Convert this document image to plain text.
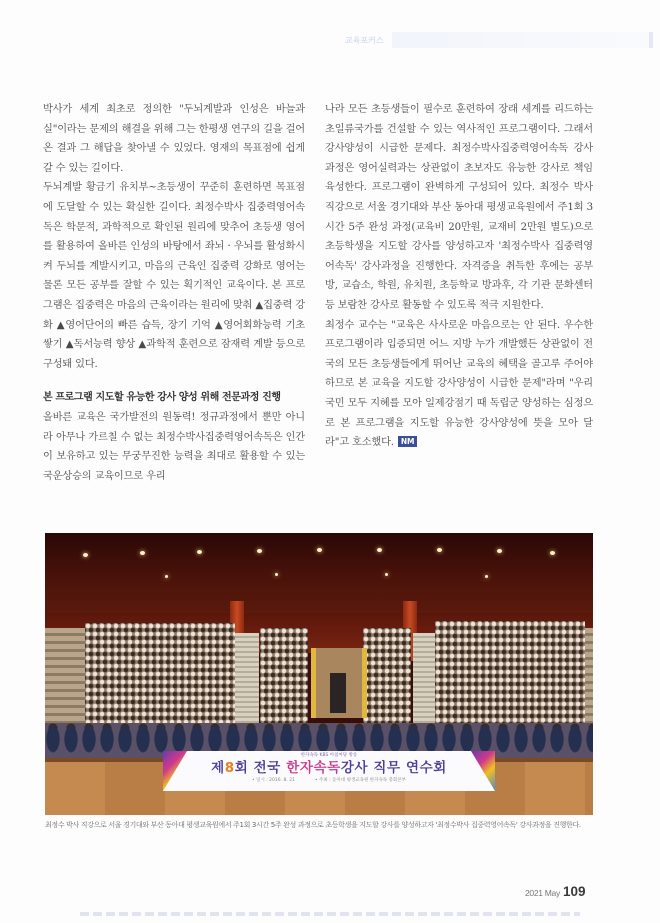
교육포커스

박사가 세계 최초로 정의한 "두뇌계발과 인성은 바늘과 실"이라는 문제의 해결을 위해 그는 한평생 연구의 길을 걸어온 결과 그 해답을 찾아낼 수 있었다. 영재의 목표점에 쉽게 갈 수 있는 길이다.

두뇌계발 황금기 유치부~초등생이 꾸준히 훈련하면 목표점에 도달할 수 있는 확실한 길이다. 최정수박사 집중력영어속독은 학문적, 과학적으로 확인된 원리에 맞추어 초등생 영어를 활용하여 올바른 인성의 바탕에서 좌뇌 · 우뇌를 활성화시켜 두뇌를 계발시키고, 마음의 근육인 집중력 강화로 영어는 물론 모든 공부를 잘할 수 있는 획기적인 교육이다. 본 프로그램은 집중력은 마음의 근육이라는 원리에 맞춰 ▲집중력 강화 ▲영어단어의 빠른 습득, 장기 기억 ▲영어회화능력 기초 쌓기 ▲독서능력 향상 ▲과학적 훈련으로 잠재력 계발 등으로 구성돼 있다.

본 프로그램 지도할 유능한 강사 양성 위해 전문과정 진행

올바른 교육은 국가발전의 원동력! 정규과정에서 뿐만 아니라 아무나 가르칠 수 없는 최정수박사집중력영어속독은 인간이 보유하고 있는 무궁무진한 능력을 최대로 활용할 수 있는 국운상승의 교육이므로 우리

나라 모든 초등생들이 필수로 훈련하여 장래 세계를 리드하는 초일류국가를 건설할 수 있는 역사적인 프로그램이다. 그래서 강사양성이 시급한 문제다. 최정수박사집중력영어속독 강사 과정은 영어실력과는 상관없이 초보자도 유능한 강사로 책임 육성한다. 프로그램이 완벽하게 구성되어 있다. 최정수 박사 직강으로 서울 경기대와 부산 동아대 평생교육원에서 주1회 3시간 5주 완성 과정(교육비 20만원, 교재비 2만원 별도)으로 초등학생을 지도할 강사를 양성하고자 '최정수박사 집중력영어속독' 강사과정을 진행한다. 자격증을 취득한 후에는 공부방, 교습소, 학원, 유치원, 초등학교 방과후, 각 기관 문화센터 등 보람찬 강사로 활동할 수 있도록 적극 지원한다.

최정수 교수는 "교육은 사사로운 마음으로는 안 된다. 우수한 프로그램이라 입증되면 어느 지방 누가 개발했든 상관없이 전국의 모든 초등생들에게 뛰어난 교육의 혜택을 골고루 주어야 하므로 본 교육을 지도할 강사양성이 시급한 문제"라며 "우리 국민 모두 지혜를 모아 일제강점기 때 독립군 양성하는 심정으로 본 프로그램을 지도할 유능한 강사양성에 뜻을 모아 달라"고 호소했다. NM

한자속독 KBS 아침마당 방송
제8회 전국 한자속독강사 직무 연수회
• 일시 : 2016. 8. 21	• 주최 : 동아대 평생교육원 한자속독 총회본부
최정수 박사 직강으로 서울 경기대와 부산 동아대 평생교육원에서 주1회 3시간 5주 완성 과정으로 초등학생을 지도할 강사를 양성하고자 '최정수박사 집중력영어속독' 강사과정을 진행한다.
2021 May 109
